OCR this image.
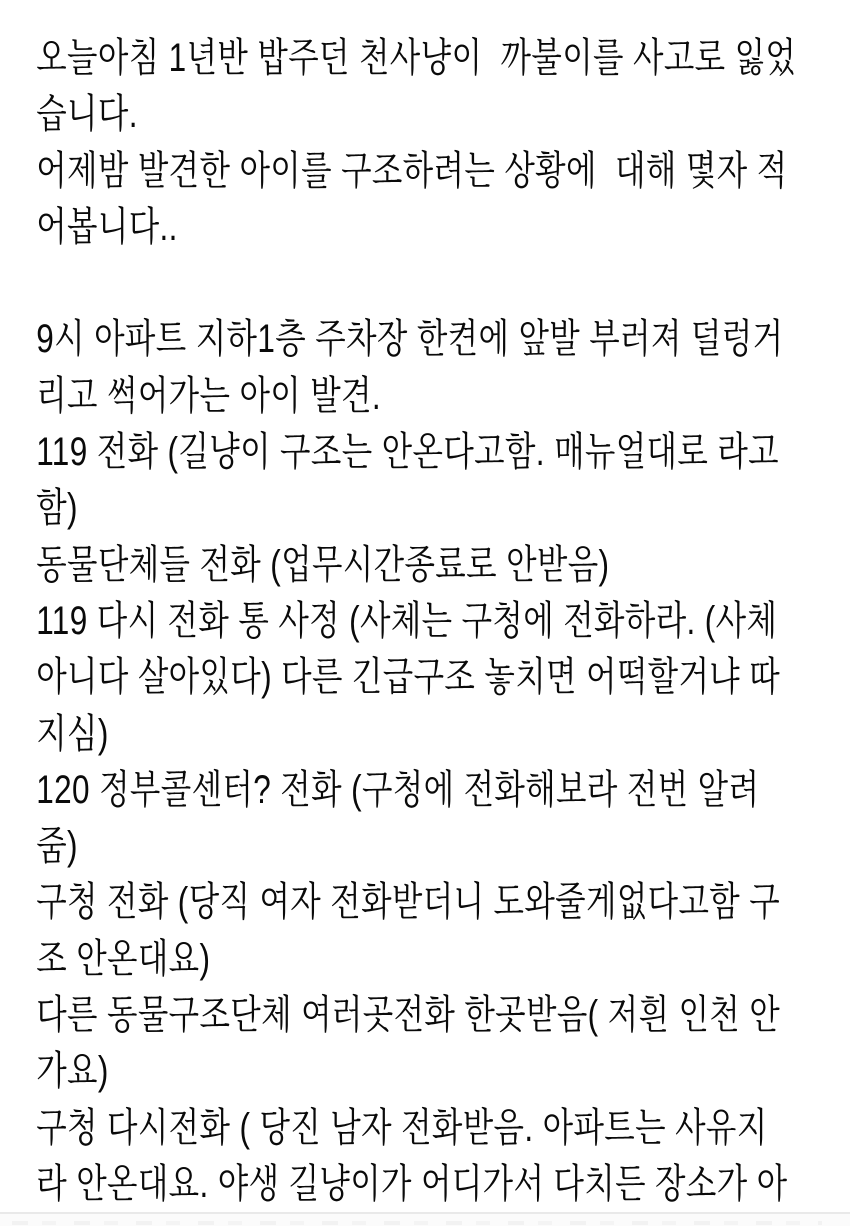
오늘아침 1년반 밥주던 천사냥이  까불이를 사고로 잃었
습니다.
어제밤 발견한 아이를 구조하려는 상황에  대해 몇자 적
어봅니다..
9시 아파트 지하1층 주차장 한켠에 앞발 부러져 덜렁거
리고 썩어가는 아이 발견.
119 전화 (길냥이 구조는 안온다고함. 매뉴얼대로 라고
함)
동물단체들 전화 (업무시간종료로 안받음)
119 다시 전화 통 사정 (사체는 구청에 전화하라. (사체
아니다 살아있다) 다른 긴급구조 놓치면 어떡할거냐 따
지심)
120 정부콜센터? 전화 (구청에 전화해보라 전번 알려
줌)
구청 전화 (당직 여자 전화받더니 도와줄게없다고함 구
조 안온대요)
다른 동물구조단체 여러곳전화 한곳받음( 저흰 인천 안
가요)
구청 다시전화 ( 당진 남자 전화받음. 아파트는 사유지
라 안온대요. 야생 길냥이가 어디가서 다치든 장소가 아
